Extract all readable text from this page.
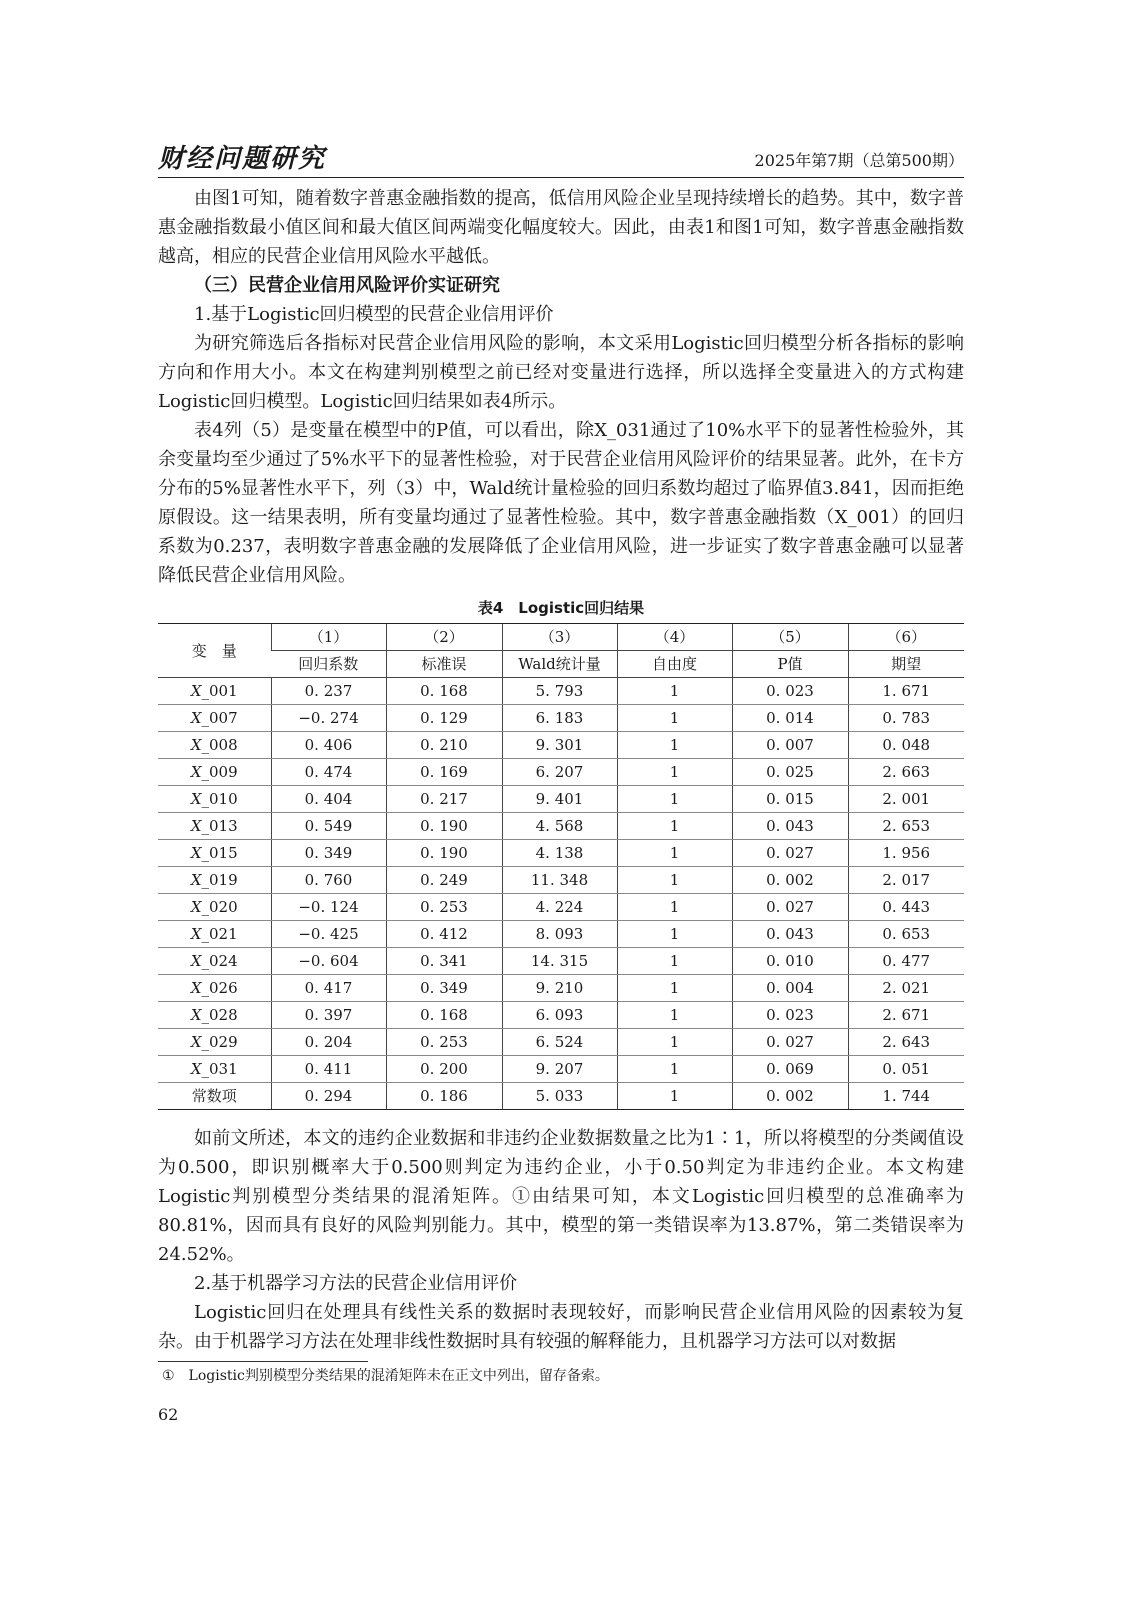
财经问题研究	2025年第7期（总第500期）

由图1可知，随着数字普惠金融指数的提高，低信用风险企业呈现持续增长的趋势。其中，数字普惠金融指数最小值区间和最大值区间两端变化幅度较大。因此，由表1和图1可知，数字普惠金融指数越高，相应的民营企业信用风险水平越低。

（三）民营企业信用风险评价实证研究

1.基于Logistic回归模型的民营企业信用评价

为研究筛选后各指标对民营企业信用风险的影响，本文采用Logistic回归模型分析各指标的影响方向和作用大小。本文在构建判别模型之前已经对变量进行选择，所以选择全变量进入的方式构建Logistic回归模型。Logistic回归结果如表4所示。

表4列（5）是变量在模型中的P值，可以看出，除X_031通过了10%水平下的显著性检验外，其余变量均至少通过了5%水平下的显著性检验，对于民营企业信用风险评价的结果显著。此外，在卡方分布的5%显著性水平下，列（3）中，Wald统计量检验的回归系数均超过了临界值3.841，因而拒绝原假设。这一结果表明，所有变量均通过了显著性检验。其中，数字普惠金融指数（X_001）的回归系数为0.237，表明数字普惠金融的发展降低了企业信用风险，进一步证实了数字普惠金融可以显著降低民营企业信用风险。

表4　Logistic回归结果
变　量	（1）	（2）	（3）	（4）	（5）	（6）
	回归系数	标准误	Wald统计量	自由度	P值	期望
X_001	0. 237	0. 168	5. 793	1	0. 023	1. 671
X_007	−0. 274	0. 129	6. 183	1	0. 014	0. 783
X_008	0. 406	0. 210	9. 301	1	0. 007	0. 048
X_009	0. 474	0. 169	6. 207	1	0. 025	2. 663
X_010	0. 404	0. 217	9. 401	1	0. 015	2. 001
X_013	0. 549	0. 190	4. 568	1	0. 043	2. 653
X_015	0. 349	0. 190	4. 138	1	0. 027	1. 956
X_019	0. 760	0. 249	11. 348	1	0. 002	2. 017
X_020	−0. 124	0. 253	4. 224	1	0. 027	0. 443
X_021	−0. 425	0. 412	8. 093	1	0. 043	0. 653
X_024	−0. 604	0. 341	14. 315	1	0. 010	0. 477
X_026	0. 417	0. 349	9. 210	1	0. 004	2. 021
X_028	0. 397	0. 168	6. 093	1	0. 023	2. 671
X_029	0. 204	0. 253	6. 524	1	0. 027	2. 643
X_031	0. 411	0. 200	9. 207	1	0. 069	0. 051
常数项	0. 294	0. 186	5. 033	1	0. 002	1. 744

如前文所述，本文的违约企业数据和非违约企业数据数量之比为1∶1，所以将模型的分类阈值设为0.500，即识别概率大于0.500则判定为违约企业，小于0.50判定为非违约企业。本文构建Logistic判别模型分类结果的混淆矩阵。①由结果可知，本文Logistic回归模型的总准确率为80.81%，因而具有良好的风险判别能力。其中，模型的第一类错误率为13.87%，第二类错误率为24.52%。

2.基于机器学习方法的民营企业信用评价

Logistic回归在处理具有线性关系的数据时表现较好，而影响民营企业信用风险的因素较为复杂。由于机器学习方法在处理非线性数据时具有较强的解释能力，且机器学习方法可以对数据

①　Logistic判别模型分类结果的混淆矩阵未在正文中列出，留存备索。
62
